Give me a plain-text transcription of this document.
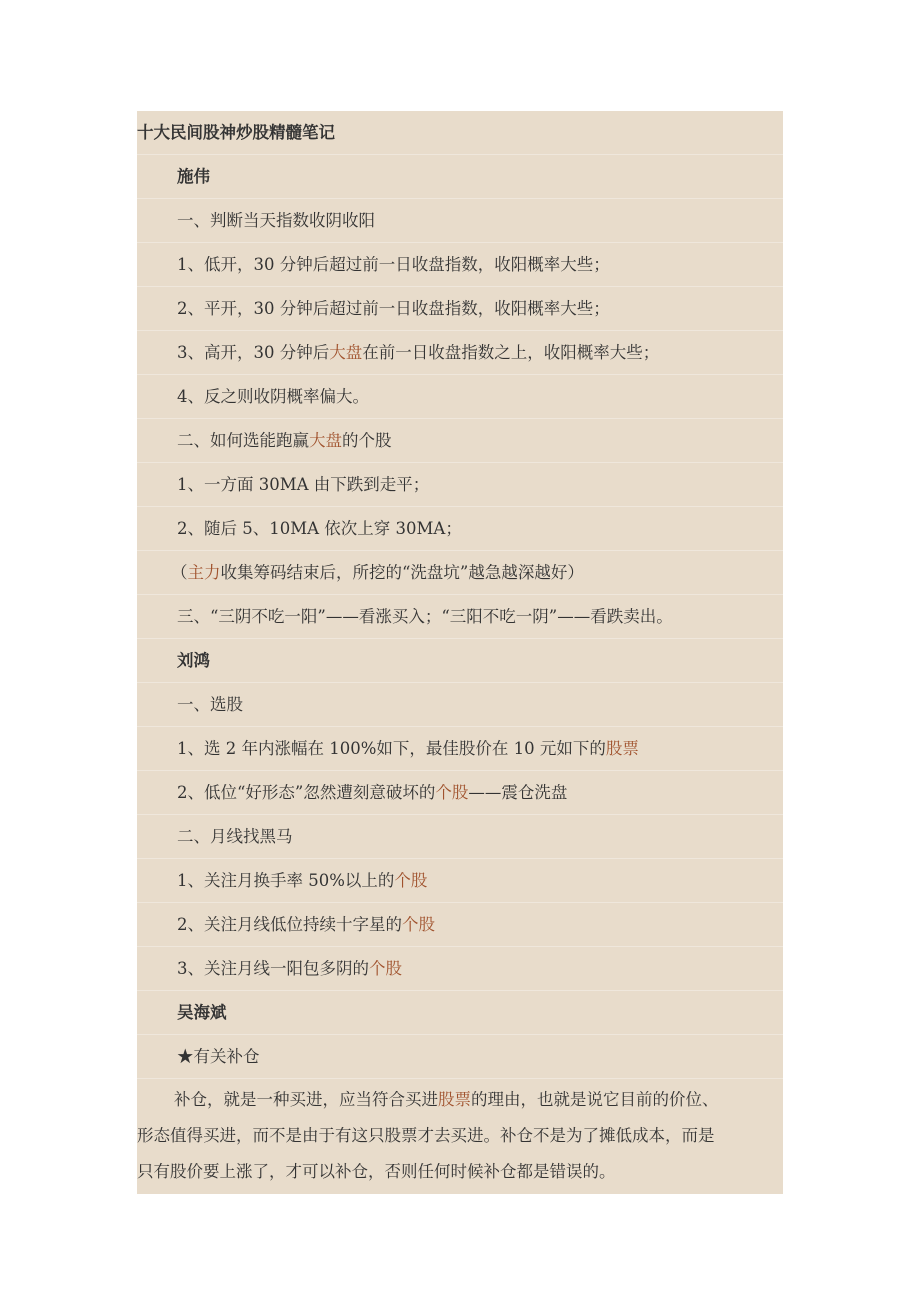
十大民间股神炒股精髓笔记
施伟
一、判断当天指数收阴收阳
1、低开，30 分钟后超过前一日收盘指数，收阳概率大些；
2、平开，30 分钟后超过前一日收盘指数，收阳概率大些；
3、高开，30 分钟后大盘在前一日收盘指数之上，收阳概率大些；
4、反之则收阴概率偏大。
二、如何选能跑赢大盘的个股
1、一方面 30MA 由下跌到走平；
2、随后 5、10MA 依次上穿 30MA；
（主力收集筹码结束后，所挖的“洗盘坑”越急越深越好）
三、“三阴不吃一阳”——看涨买入；“三阳不吃一阴”——看跌卖出。
刘鸿
一、选股
1、选 2 年内涨幅在 100%如下，最佳股价在 10 元如下的股票
2、低位“好形态”忽然遭刻意破坏的个股——震仓洗盘
二、月线找黑马
1、关注月换手率 50%以上的个股
2、关注月线低位持续十字星的个股
3、关注月线一阳包多阴的个股
吴海斌
★有关补仓
补仓，就是一种买进，应当符合买进股票的理由，也就是说它目前的价位、
形态值得买进，而不是由于有这只股票才去买进。补仓不是为了摊低成本，而是
只有股价要上涨了，才可以补仓，否则任何时候补仓都是错误的。
